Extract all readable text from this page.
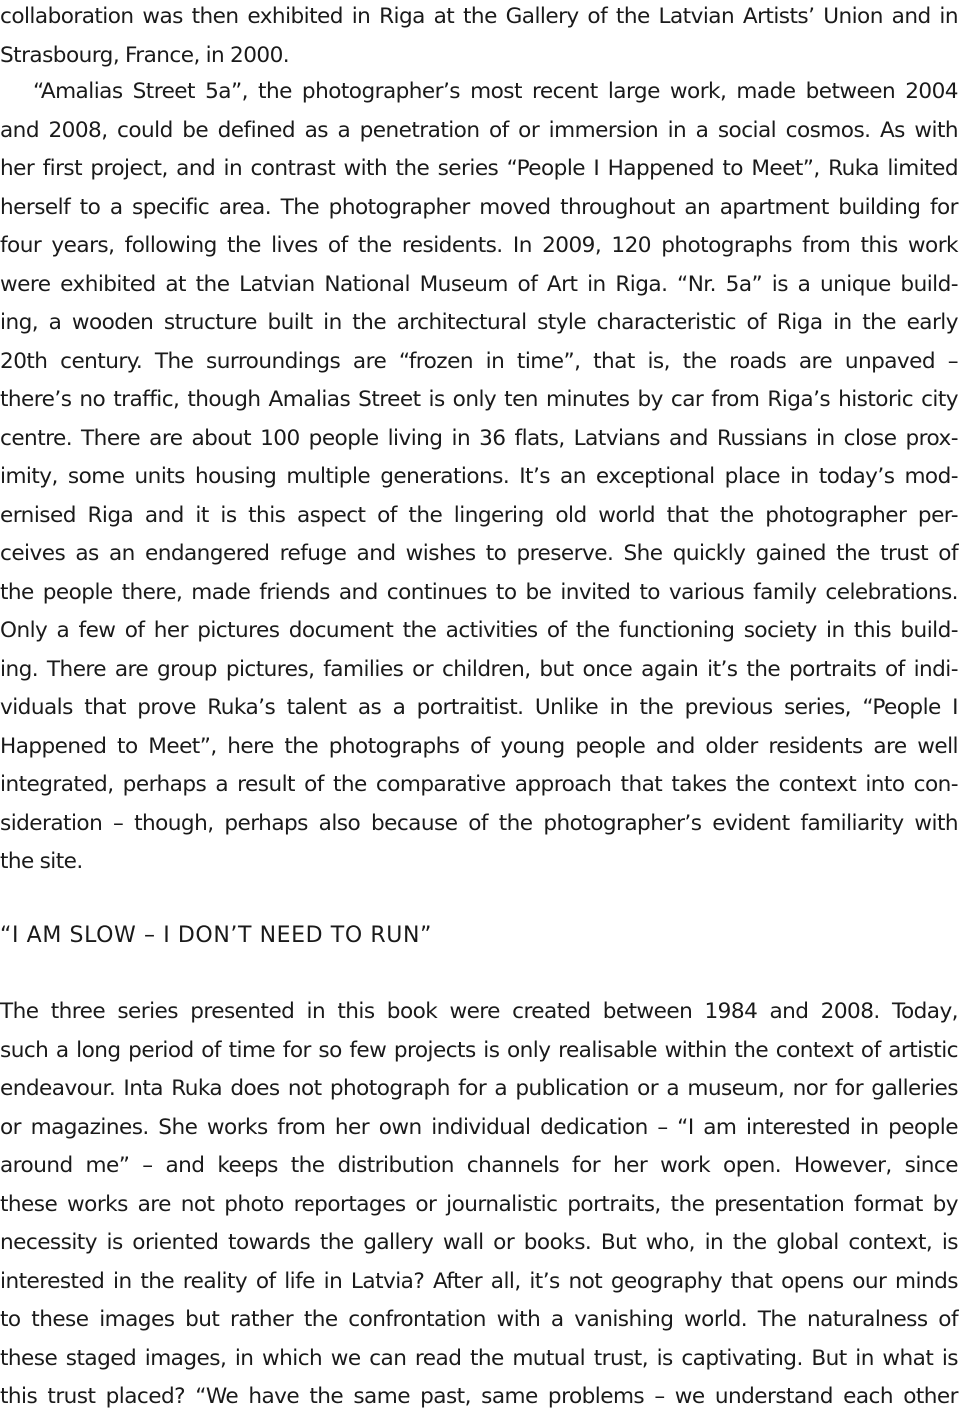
collaboration was then exhibited in Riga at the Gallery of the Latvian Artists’ Union and in
Strasbourg, France, in 2000.
“Amalias Street 5a”, the photographer’s most recent large work, made between 2004
and 2008, could be defined as a penetration of or immersion in a social cosmos. As with
her first project, and in contrast with the series “People I Happened to Meet”, Ruka limited
herself to a specific area. The photographer moved throughout an apartment building for
four years, following the lives of the residents. In 2009, 120 photographs from this work
were exhibited at the Latvian National Museum of Art in Riga. “Nr. 5a” is a unique build-
ing, a wooden structure built in the architectural style characteristic of Riga in the early
20th century. The surroundings are “frozen in time”, that is, the roads are unpaved –
there’s no traffic, though Amalias Street is only ten minutes by car from Riga’s historic city
centre. There are about 100 people living in 36 flats, Latvians and Russians in close prox-
imity, some units housing multiple generations. It’s an exceptional place in today’s mod-
ernised Riga and it is this aspect of the lingering old world that the photographer per-
ceives as an endangered refuge and wishes to preserve. She quickly gained the trust of
the people there, made friends and continues to be invited to various family celebrations.
Only a few of her pictures document the activities of the functioning society in this build-
ing. There are group pictures, families or children, but once again it’s the portraits of indi-
viduals that prove Ruka’s talent as a portraitist. Unlike in the previous series, “People I
Happened to Meet”, here the photographs of young people and older residents are well
integrated, perhaps a result of the comparative approach that takes the context into con-
sideration – though, perhaps also because of the photographer’s evident familiarity with
the site.
“I AM SLOW – I DON’T NEED TO RUN”
The three series presented in this book were created between 1984 and 2008. Today,
such a long period of time for so few projects is only realisable within the context of artistic
endeavour. Inta Ruka does not photograph for a publication or a museum, nor for galleries
or magazines. She works from her own individual dedication – “I am interested in people
around me” – and keeps the distribution channels for her work open. However, since
these works are not photo reportages or journalistic portraits, the presentation format by
necessity is oriented towards the gallery wall or books. But who, in the global context, is
interested in the reality of life in Latvia? After all, it’s not geography that opens our minds
to these images but rather the confrontation with a vanishing world. The naturalness of
these staged images, in which we can read the mutual trust, is captivating. But in what is
this trust placed? “We have the same past, same problems – we understand each other
